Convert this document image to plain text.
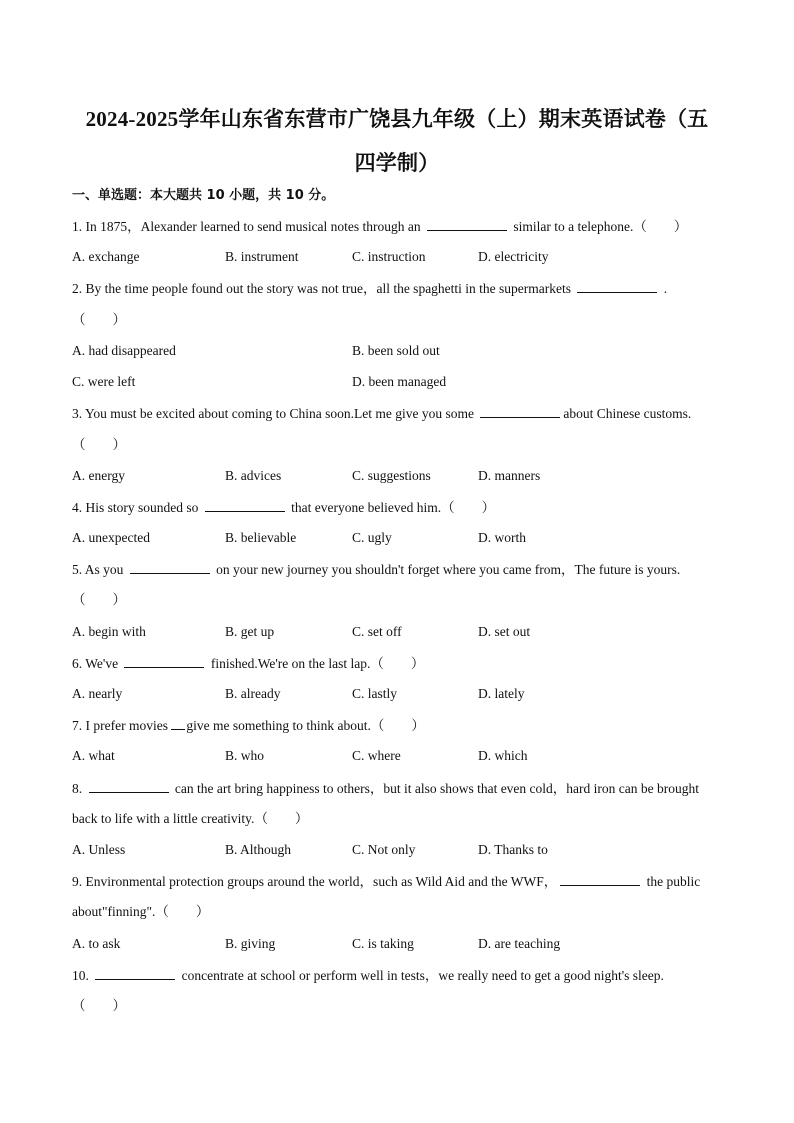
2024-2025学年山东省东营市广饶县九年级（上）期末英语试卷（五
四学制）
一、单选题：本大题共 10 小题，共 10 分。
1. In 1875，Alexander learned to send musical notes through an	similar to a telephone.（　　）
A. exchange	B. instrument	C. instruction	D. electricity
2. By the time people found out the story was not true，all the spaghetti in the supermarkets	.
（　　）
A. had disappeared	B. been sold out
C. were left	D. been managed
3. You must be excited about coming to China soon.Let me give you some	about Chinese customs.
（　　）
A. energy	B. advices	C. suggestions	D. manners
4. His story sounded so	that everyone believed him.（　　）
A. unexpected	B. believable	C. ugly	D. worth
5. As you	on your new journey you shouldn't forget where you came from，The future is yours.
（　　）
A. begin with	B. get up	C. set off	D. set out
6. We've	finished.We're on the last lap.（　　）
A. nearly	B. already	C. lastly	D. lately
7. I prefer movies give me something to think about.（　　）
A. what	B. who	C. where	D. which
8.	can the art bring happiness to others，but it also shows that even cold，hard iron can be brought
back to life with a little creativity.（　　）
A. Unless	B. Although	C. Not only	D. Thanks to
9. Environmental protection groups around the world，such as Wild Aid and the WWF，	the public
about"finning".（　　）
A. to ask	B. giving	C. is taking	D. are teaching
10.	concentrate at school or perform well in tests，we really need to get a good night's sleep.
（　　）
